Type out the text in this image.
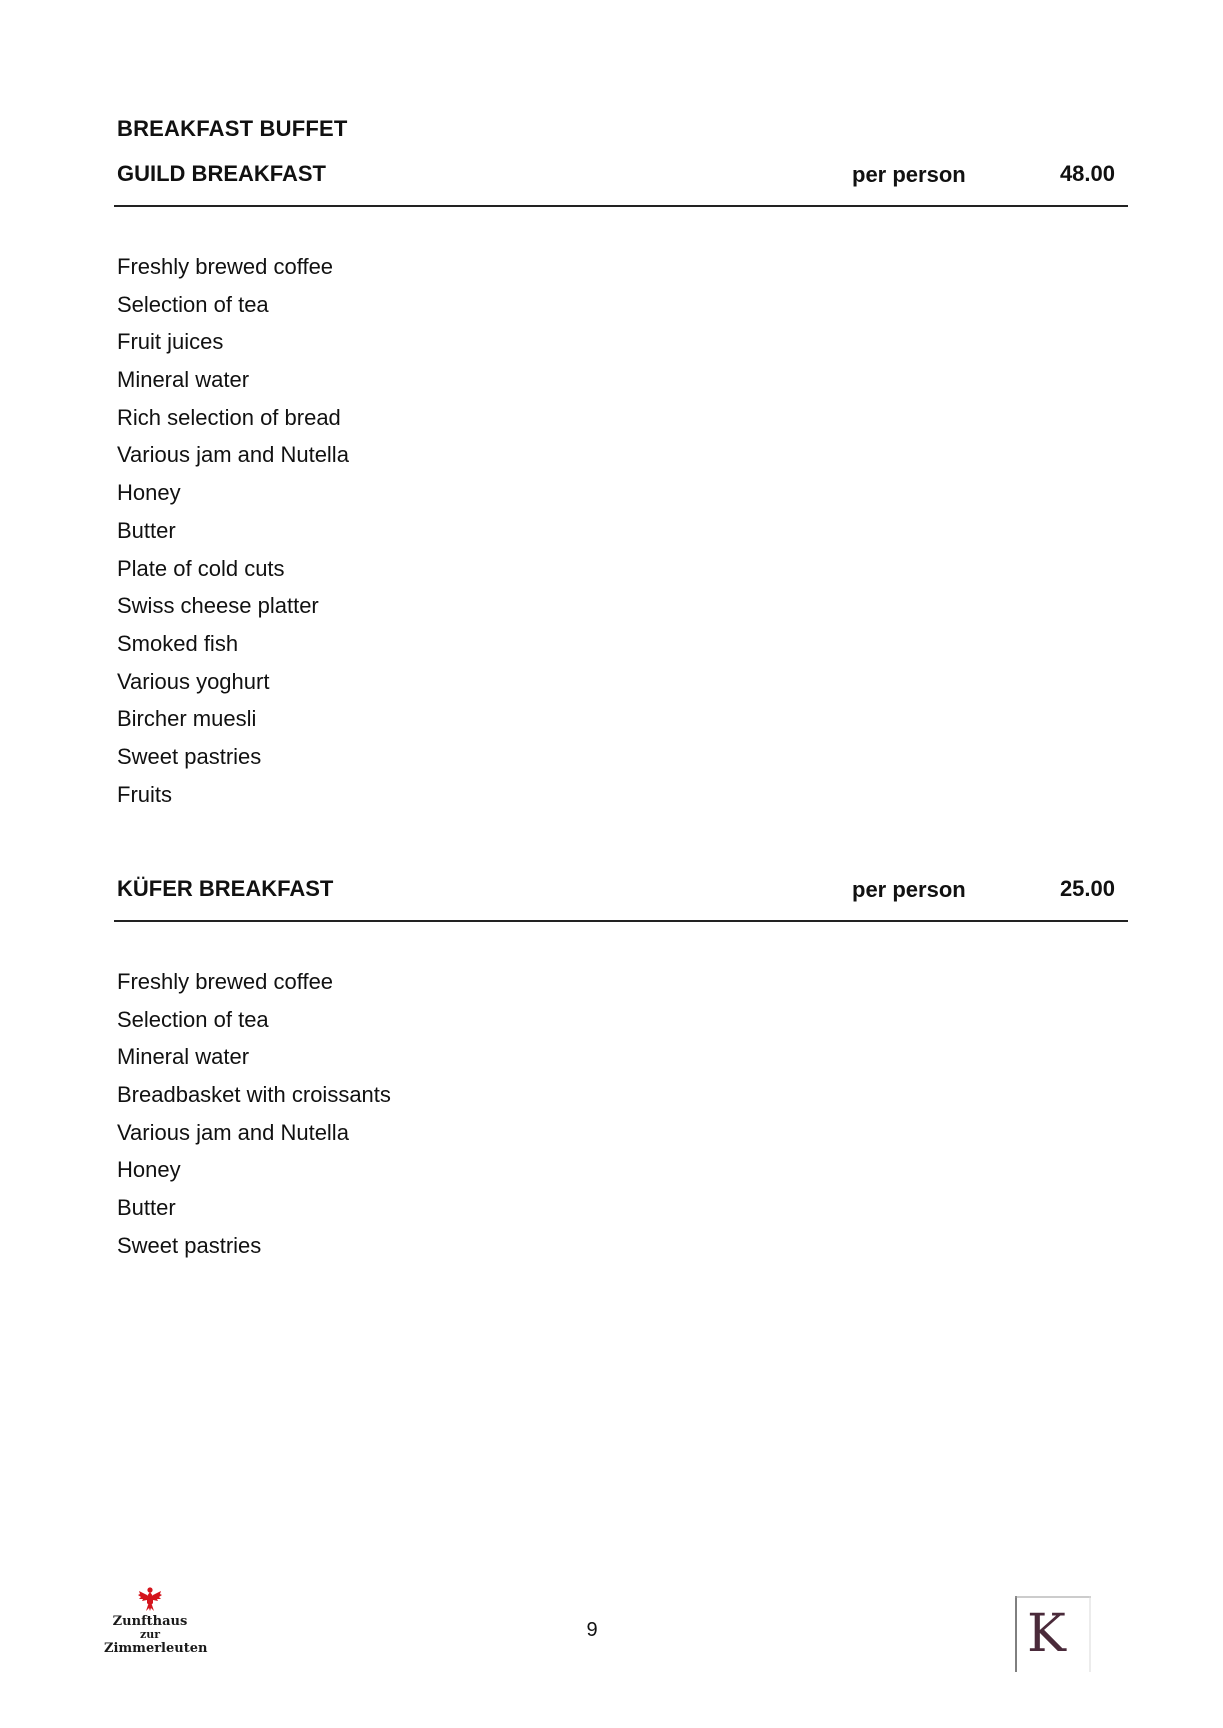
BREAKFAST BUFFET
GUILD BREAKFAST	per person	48.00
Freshly brewed coffee
Selection of tea
Fruit juices
Mineral water
Rich selection of bread
Various jam and Nutella
Honey
Butter
Plate of cold cuts
Swiss cheese platter
Smoked fish
Various yoghurt
Bircher muesli
Sweet pastries
Fruits
KÜFER BREAKFAST	per person	25.00
Freshly brewed coffee
Selection of tea
Mineral water
Breadbasket with croissants
Various jam and Nutella
Honey
Butter
Sweet pastries
Zunfthaus
zur
Zimmerleuten
9	K
